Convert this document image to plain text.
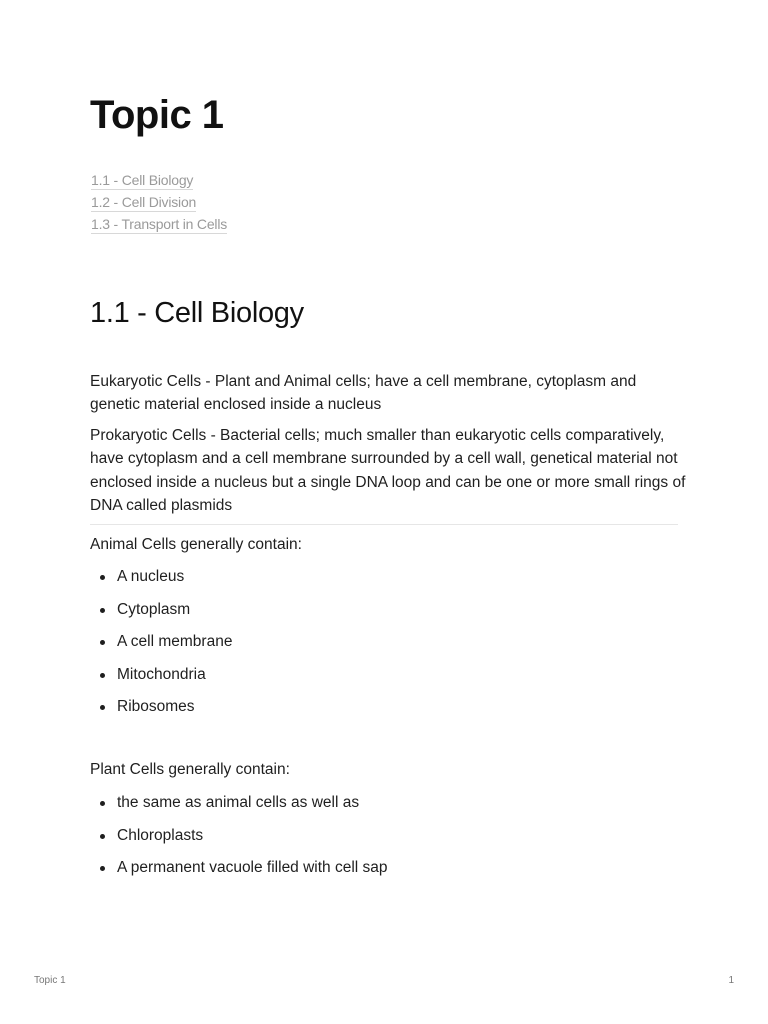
Topic 1
1.1 - Cell Biology
1.2 - Cell Division
1.3 - Transport in Cells
1.1 - Cell Biology

Eukaryotic Cells - Plant and Animal cells; have a cell membrane, cytoplasm and genetic material enclosed inside a nucleus

Prokaryotic Cells - Bacterial cells; much smaller than eukaryotic cells comparatively, have cytoplasm and a cell membrane surrounded by a cell wall, genetical material not enclosed inside a nucleus but a single DNA loop and can be one or more small rings of DNA called plasmids

Animal Cells generally contain:

A nucleus
Cytoplasm
A cell membrane
Mitochondria
Ribosomes

Plant Cells generally contain:

the same as animal cells as well as
Chloroplasts
A permanent vacuole filled with cell sap
Topic 1	1
